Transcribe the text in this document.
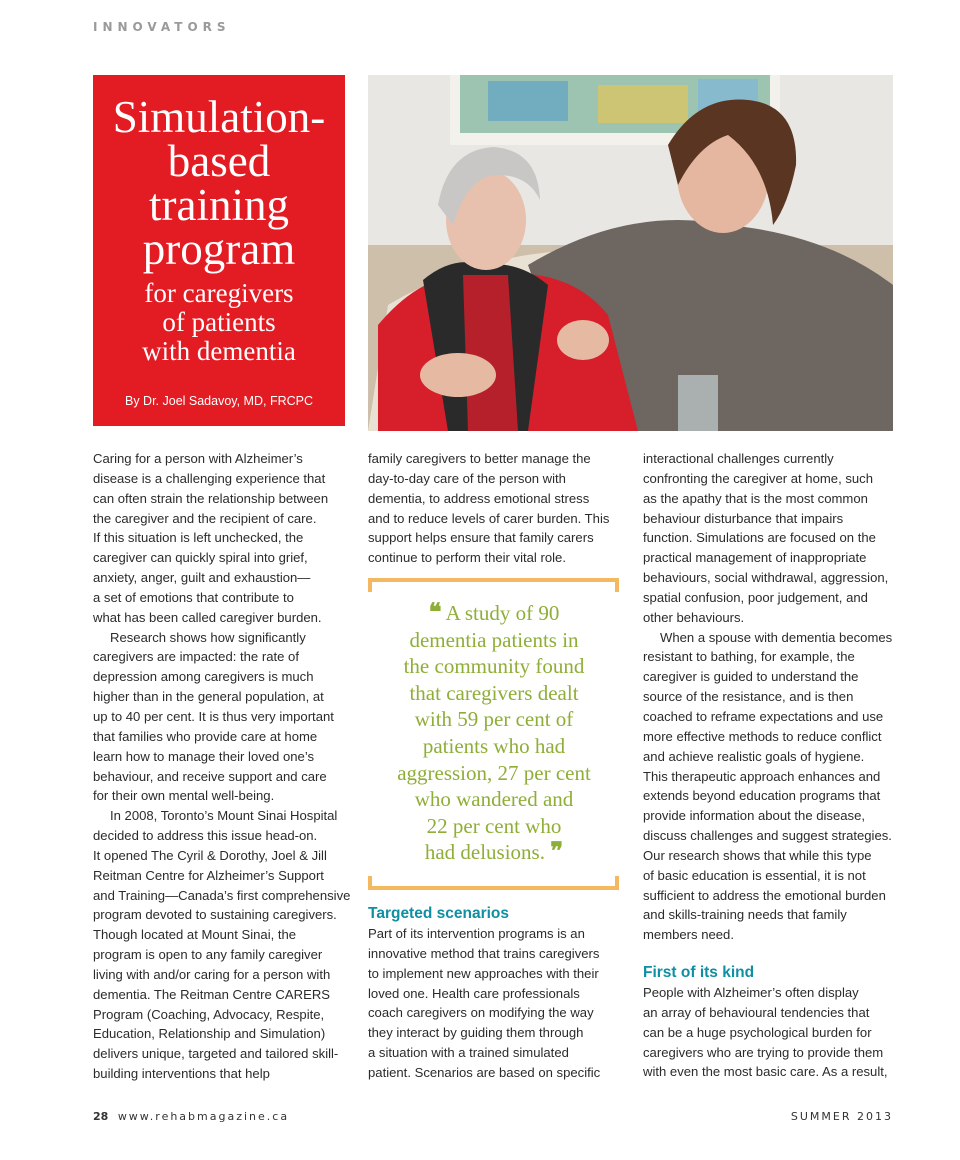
INNOVATORS
Simulation-
based
training
program
for caregivers
of patients
with dementia
By Dr. Joel Sadavoy, MD, FRCPC

Caring for a person with Alzheimer’s
disease is a challenging experience that
can often strain the relationship between
the caregiver and the recipient of care.
If this situation is left unchecked, the
caregiver can quickly spiral into grief,
anxiety, anger, guilt and exhaustion—
a set of emotions that contribute to
what has been called caregiver burden.

Research shows how significantly
caregivers are impacted: the rate of
depression among caregivers is much
higher than in the general population, at
up to 40 per cent. It is thus very important
that families who provide care at home
learn how to manage their loved one’s
behaviour, and receive support and care
for their own mental well-being.

In 2008, Toronto’s Mount Sinai Hospital
decided to address this issue head-on.
It opened The Cyril & Dorothy, Joel & Jill
Reitman Centre for Alzheimer’s Support
and Training—Canada’s first comprehensive
program devoted to sustaining caregivers.
Though located at Mount Sinai, the
program is open to any family caregiver
living with and/or caring for a person with
dementia. The Reitman Centre CARERS
Program (Coaching, Advocacy, Respite,
Education, Relationship and Simulation)
delivers unique, targeted and tailored skill-
building interventions that help

family caregivers to better manage the
day-to-day care of the person with
dementia, to address emotional stress
and to reduce levels of carer burden. This
support helps ensure that family carers
continue to perform their vital role.

❝ A study of 90
dementia patients in
the community found
that caregivers dealt
with 59 per cent of
patients who had
aggression, 27 per cent
who wandered and
22 per cent who
had delusions. ❞
Targeted scenarios

Part of its intervention programs is an
innovative method that trains caregivers
to implement new approaches with their
loved one. Health care professionals
coach caregivers on modifying the way
they interact by guiding them through
a situation with a trained simulated
patient. Scenarios are based on specific

interactional challenges currently
confronting the caregiver at home, such
as the apathy that is the most common
behaviour disturbance that impairs
function. Simulations are focused on the
practical management of inappropriate
behaviours, social withdrawal, aggression,
spatial confusion, poor judgement, and
other behaviours.

When a spouse with dementia becomes
resistant to bathing, for example, the
caregiver is guided to understand the
source of the resistance, and is then
coached to reframe expectations and use
more effective methods to reduce conflict
and achieve realistic goals of hygiene.
This therapeutic approach enhances and
extends beyond education programs that
provide information about the disease,
discuss challenges and suggest strategies.
Our research shows that while this type
of basic education is essential, it is not
sufficient to address the emotional burden
and skills-training needs that family
members need.

First of its kind

People with Alzheimer’s often display
an array of behavioural tendencies that
can be a huge psychological burden for
caregivers who are trying to provide them
with even the most basic care. As a result,

28 www.rehabmagazine.ca	SUMMER 2013
